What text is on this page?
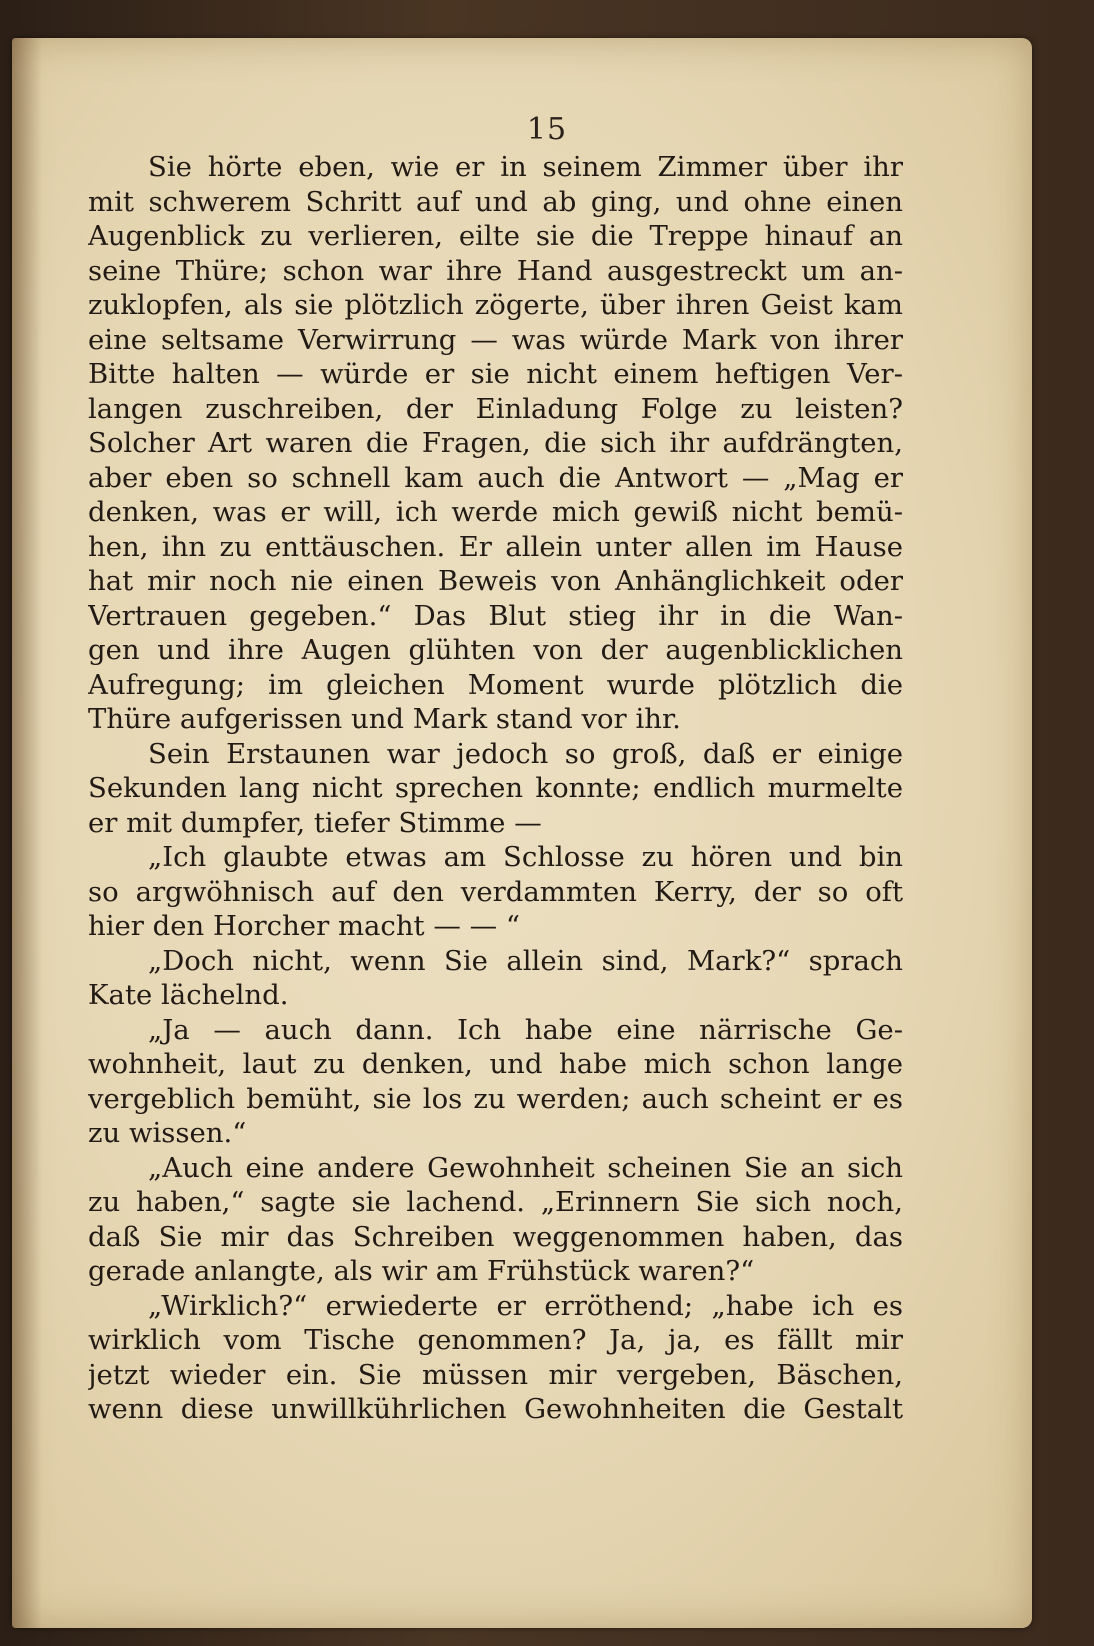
15
Sie hörte eben, wie er in seinem Zimmer über ihr
mit schwerem Schritt auf und ab ging, und ohne einen
Augenblick zu verlieren, eilte sie die Treppe hinauf an
seine Thüre; schon war ihre Hand ausgestreckt um an-
zuklopfen, als sie plötzlich zögerte, über ihren Geist kam
eine seltsame Verwirrung — was würde Mark von ihrer
Bitte halten — würde er sie nicht einem heftigen Ver-
langen zuschreiben, der Einladung Folge zu leisten?
Solcher Art waren die Fragen, die sich ihr aufdrängten,
aber eben so schnell kam auch die Antwort — „Mag er
denken, was er will, ich werde mich gewiß nicht bemü-
hen, ihn zu enttäuschen. Er allein unter allen im Hause
hat mir noch nie einen Beweis von Anhänglichkeit oder
Vertrauen gegeben.“ Das Blut stieg ihr in die Wan-
gen und ihre Augen glühten von der augenblicklichen
Aufregung; im gleichen Moment wurde plötzlich die
Thüre aufgerissen und Mark stand vor ihr.
Sein Erstaunen war jedoch so groß, daß er einige
Sekunden lang nicht sprechen konnte; endlich murmelte
er mit dumpfer, tiefer Stimme —
„Ich glaubte etwas am Schlosse zu hören und bin
so argwöhnisch auf den verdammten Kerry, der so oft
hier den Horcher macht — — “
„Doch nicht, wenn Sie allein sind, Mark?“ sprach
Kate lächelnd.
„Ja — auch dann. Ich habe eine närrische Ge-
wohnheit, laut zu denken, und habe mich schon lange
vergeblich bemüht, sie los zu werden; auch scheint er es
zu wissen.“
„Auch eine andere Gewohnheit scheinen Sie an sich
zu haben,“ sagte sie lachend. „Erinnern Sie sich noch,
daß Sie mir das Schreiben weggenommen haben, das
gerade anlangte, als wir am Frühstück waren?“
„Wirklich?“ erwiederte er erröthend; „habe ich es
wirklich vom Tische genommen? Ja, ja, es fällt mir
jetzt wieder ein. Sie müssen mir vergeben, Bäschen,
wenn diese unwillkührlichen Gewohnheiten die Gestalt
